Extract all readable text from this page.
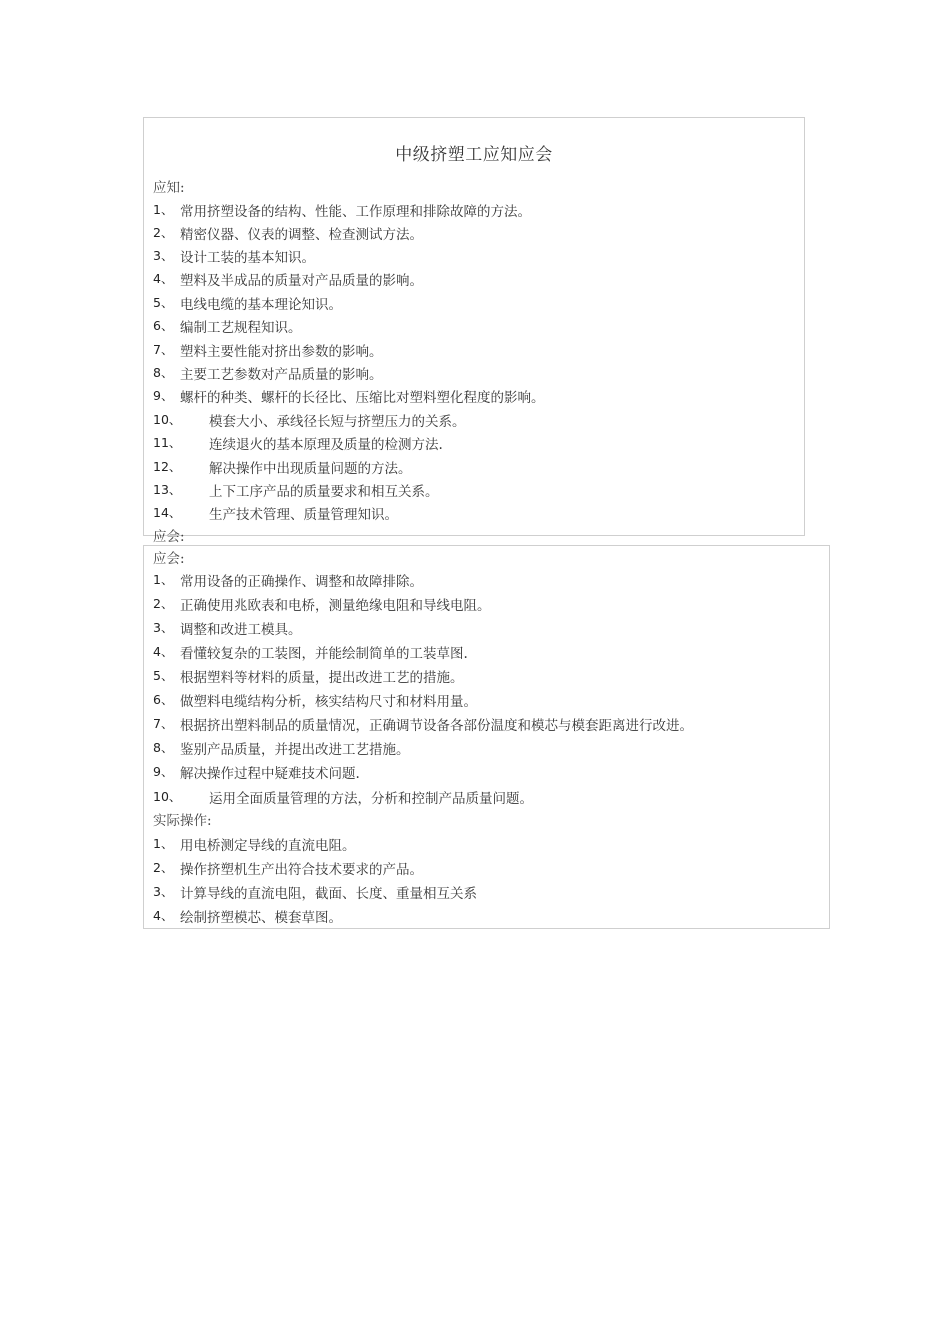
中级挤塑工应知应会
应知:
1、 常用挤塑设备的结构、性能、工作原理和排除故障的方法。
2、 精密仪器、仪表的调整、检查测试方法。
3、 设计工装的基本知识。
4、 塑料及半成品的质量对产品质量的影响。
5、 电线电缆的基本理论知识。
6、 编制工艺规程知识。
7、 塑料主要性能对挤出参数的影响。
8、 主要工艺参数对产品质量的影响。
9、 螺杆的种类、螺杆的长径比、压缩比对塑料塑化程度的影响。
10、	模套大小、承线径长短与挤塑压力的关系。
11、	连续退火的基本原理及质量的检测方法.
12、	解决操作中出现质量问题的方法。
13、	上下工序产品的质量要求和相互关系。
14、	生产技术管理、质量管理知识。
应会:
应会:
1、 常用设备的正确操作、调整和故障排除。
2、 正确使用兆欧表和电桥，测量绝缘电阻和导线电阻。
3、 调整和改进工模具。
4、 看懂较复杂的工装图，并能绘制简单的工装草图.
5、 根据塑料等材料的质量，提出改进工艺的措施。
6、 做塑料电缆结构分析，核实结构尺寸和材料用量。
7、 根据挤出塑料制品的质量情况，正确调节设备各部份温度和模芯与模套距离进行改进。
8、 鉴别产品质量，并提出改进工艺措施。
9、 解决操作过程中疑难技术问题.
10、	运用全面质量管理的方法，分析和控制产品质量问题。
实际操作:
1、 用电桥测定导线的直流电阻。
2、 操作挤塑机生产出符合技术要求的产品。
3、 计算导线的直流电阻，截面、长度、重量相互关系
4、 绘制挤塑模芯、模套草图。
